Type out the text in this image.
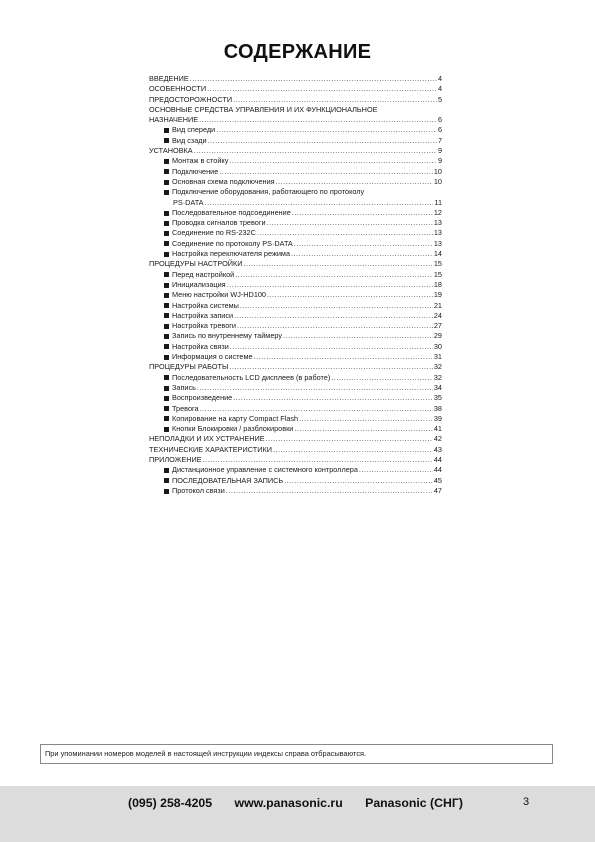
СОДЕРЖАНИЕ
ВВЕДЕНИЕ .....	4
ОСОБЕННОСТИ .....	4
ПРЕДОСТОРОЖНОСТИ .....	5
ОСНОВНЫЕ СРЕДСТВА УПРАВЛЕНИЯ И ИХ ФУНКЦИОНАЛЬНОЕ
НАЗНАЧЕНИЕ .....	6
Вид спереди .....	6
Вид сзади .....	7
УСТАНОВКА .....	9
Монтаж в стойку .....	9
Подключение .....	10
Основная схема подключения .....	10
Подключение оборудования, работающего по протоколу
PS·DATA .....	11
Последовательное подсоединение .....	12
Проводка сигналов тревоги .....	13
Соединение по RS-232C .....	13
Соединение по протоколу PS·DATA .....	13
Настройка переключателя режима .....	14
ПРОЦЕДУРЫ НАСТРОЙКИ .....	15
Перед настройкой .....	15
Инициализация .....	18
Меню настройки WJ-HD100 .....	19
Настройка системы .....	21
Настройка записи .....	24
Настройка тревоги .....	27
Запись по внутреннему таймеру .....	29
Настройка связи .....	30
Информация о системе .....	31
ПРОЦЕДУРЫ РАБОТЫ .....	32
Последовательность LCD дисплеев (в работе) .....	32
Запись .....	34
Воспроизведение .....	35
Тревога .....	38
Копирование на карту Compact Flash .....	39
Кнопки Блокировки / разблокировки .....	41
НЕПОЛАДКИ И ИХ УСТРАНЕНИЕ .....	42
ТЕХНИЧЕСКИЕ ХАРАКТЕРИСТИКИ .....	43
ПРИЛОЖЕНИЕ .....	44
Дистанционное управление с системного контроллера .....	44
ПОСЛЕДОВАТЕЛЬНАЯ ЗАПИСЬ .....	45
Протокол связи .....	47
При упоминании номеров моделей в настоящей инструкции индексы справа отбрасываются.
(095) 258-4205 www.panasonic.ru Panasonic (СНГ)	3
